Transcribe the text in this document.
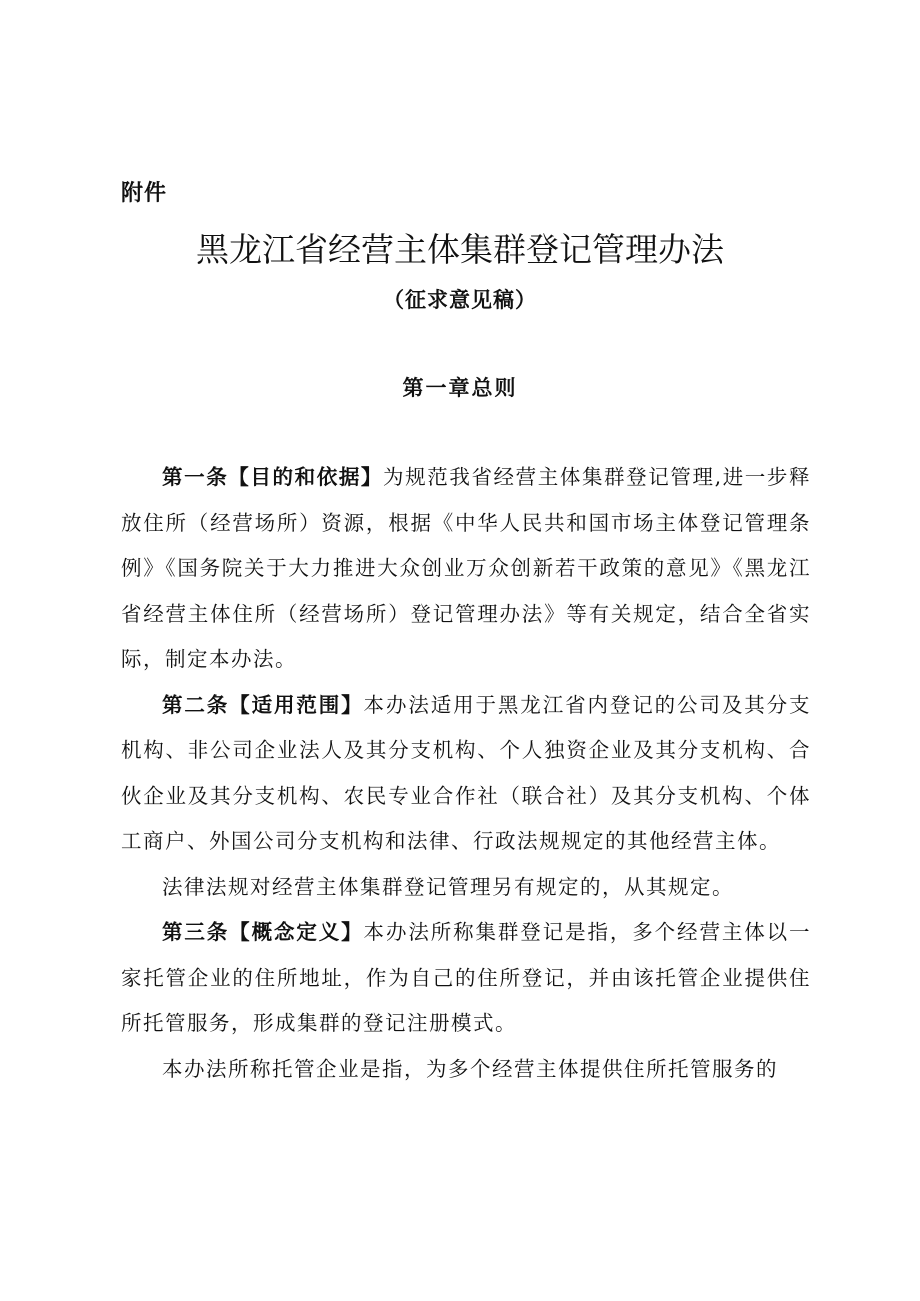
附件
黑龙江省经营主体集群登记管理办法
（征求意见稿）
第一章总则

第一条【目的和依据】为规范我省经营主体集群登记管理,进一步释放住所（经营场所）资源，根据《中华人民共和国市场主体登记管理条例》《国务院关于大力推进大众创业万众创新若干政策的意见》《黑龙江省经营主体住所（经营场所）登记管理办法》等有关规定，结合全省实际，制定本办法。

第二条【适用范围】本办法适用于黑龙江省内登记的公司及其分支机构、非公司企业法人及其分支机构、个人独资企业及其分支机构、合伙企业及其分支机构、农民专业合作社（联合社）及其分支机构、个体工商户、外国公司分支机构和法律、行政法规规定的其他经营主体。

法律法规对经营主体集群登记管理另有规定的，从其规定。

第三条【概念定义】本办法所称集群登记是指，多个经营主体以一家托管企业的住所地址，作为自己的住所登记，并由该托管企业提供住所托管服务，形成集群的登记注册模式。

本办法所称托管企业是指，为多个经营主体提供住所托管服务的
